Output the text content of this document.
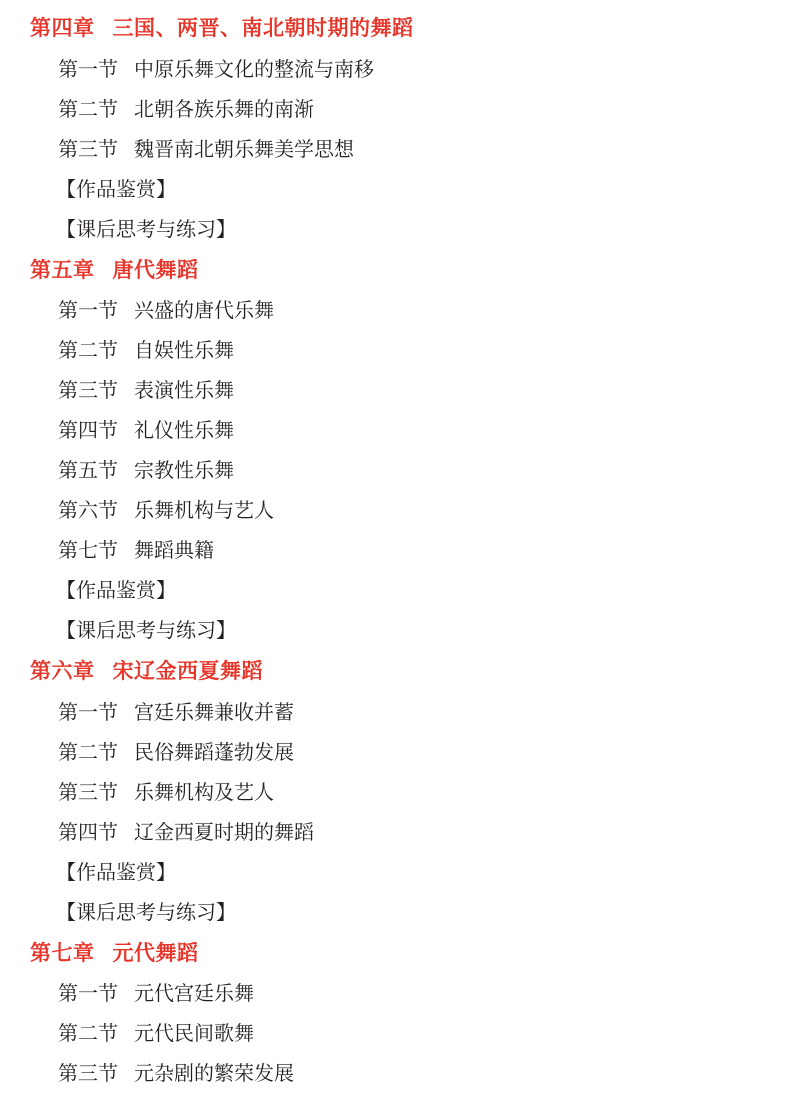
第四章 三国、两晋、南北朝时期的舞蹈
第一节 中原乐舞文化的整流与南移
第二节 北朝各族乐舞的南渐
第三节 魏晋南北朝乐舞美学思想
【作品鉴赏】
【课后思考与练习】
第五章 唐代舞蹈
第一节 兴盛的唐代乐舞
第二节 自娱性乐舞
第三节 表演性乐舞
第四节 礼仪性乐舞
第五节 宗教性乐舞
第六节 乐舞机构与艺人
第七节 舞蹈典籍
【作品鉴赏】
【课后思考与练习】
第六章 宋辽金西夏舞蹈
第一节 宫廷乐舞兼收并蓄
第二节 民俗舞蹈蓬勃发展
第三节 乐舞机构及艺人
第四节 辽金西夏时期的舞蹈
【作品鉴赏】
【课后思考与练习】
第七章 元代舞蹈
第一节 元代宫廷乐舞
第二节 元代民间歌舞
第三节 元杂剧的繁荣发展
